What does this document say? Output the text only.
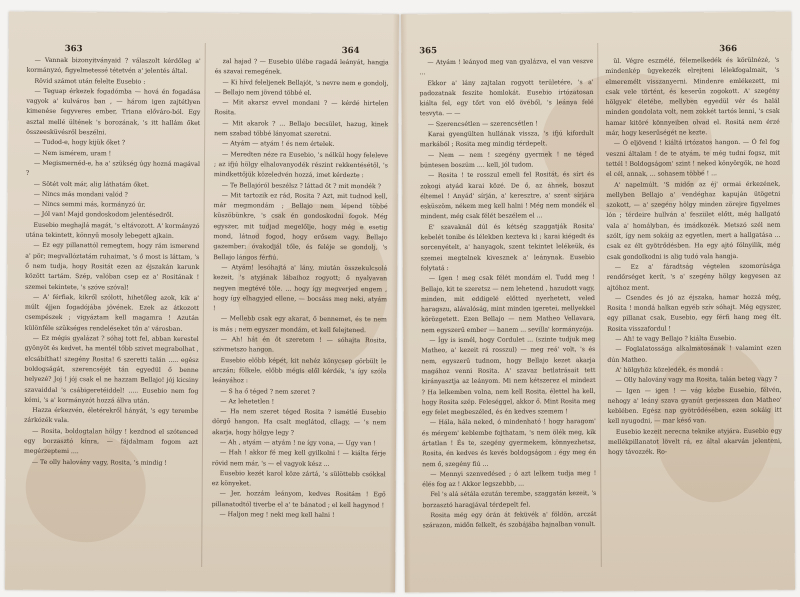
363	364

— Vannak bizonyitványaid ? válaszolt kérdőleg a' kormányzó, figyelmetessé tétetvén a' jelentés által.

Rövid számot után felelte Eusebio :

— Teguap érkezek fogadómba — hová én fogadása vagyok a' kulváros ban , — három igen zajtétlyen kimenése fegyveres ember, Triana előváro-ból. Egy asztal mellé ültének 's borozának, 's itt hallám őket összeesküvésről beszélni.

— Tudod-e, hogy kijük őket ?

— Nem ismérem, uram !

— Megismernéd-e, ha a' szükség úgy hozná magával ?

— Sötét volt már, alig láthatám őket.

— Nincs más mondani valód ?

— Nincs semmi más, kormányzó úr.

— Jól van! Majd gondoskodom jelentésedről.

Eusebio meghajlá magát, 's eltávozott. A' kormányzó utána tekintett, könnyű mosoly lebegett ajkain.

— Ez egy pillanattól remegtem, hogy rám ismerend a' pör; megvallóztatám ruhaimat, 's ő most is láttam, 's ő nem tudja, hogy Rositát ezen az éjszakán karunk között tartám. Szép, valóban csep ez a' Rositának ! szemei tekintete, 's szóve szóval!

— A' férfiak, kikről szólott, hihetőleg azok, kik a' múlt éjjen fogadójába jövének. Ezek az átkozott csempészek ; vigyáztam kell magamra ! Azután különféle szükséges rendeléseket tőn a' városban.

— Ez mégis gyalázat ? sóhaj tott fel, abban kerestel gyönyöt és kedvet, ha mentél tőbb szivet megrabolhat , elcsábíthat! szegény Rosita! 6 szeretti talán ..... egész boldogságát, szerencséjét tán egyedül ő benne helyezé? Joj ! jój csak el ne hazzam Bellajo! jój kicsiny szavaiddal 's csábigeretéiddel! ..... Eusebio nem fog kémi, 's a' kormányzót hozzá állva után.

Hazza érkezvén, életérekről hányát, 's egy terembe zárkózék vala.

— Rosita, boldogtalan hölgy ! kezdnod el szótenced egy borzasztó kínra, — fájdalmam fogom azt megérzeptemi ....

— Te olly halovány vagy, Rosita, 's mindig !

zal hajad ? — Eusebio ülébe ragadá leányát, hangja és szavai remegének.

— Ki hívd feleljenek Bellajót, 's nevre nem e gondolj, — Bellajo nem jövend többé el.

— Mit akarsz evvel mondani ? — kérdé hirtelen Rosita.

— Mit akarok ? ... Bellajo becsület, hazug, kinek nem szabad többé lányomat szeretni.

— Atyám — atyám ! és nem értelek.

— Meredten néze ra Eusebio, 's nélkül hogy feleleve ; az ifjú hölgy elhalovanyodék részint rekkentésétől, 's mindkettőjük közeledvén hozzá, imet kérdezte :

— Te Bellajóról beszélsz ? láttad őt ? mit mondék ?

— Mit tartozik ez rád, Rosita ? Azt, mit tudnod kell, már megmondám ; Bellajo nem lépend többé küszöbünkre, 's csak én gondoskodni fogok. Még egyszer, mit tudjad megelőlje, hogy még e esetig mond, látnod fogod, hogy erősem vagy. Bellajo gazember; óvakodjál tőle, és feléje se gondolj, 's Bellajo lángos férfiú.

— Atyám! lesóhajtá a' lány, miután összekulcsolá kezeit, 's atyjának lábaihoz rogyott; ő nyalyavan negyen megtévé töle. ... hogy így megverjed engem , hogy így elhagyjed ellene, — bocsáss meg neki, atyám !

— Mellebb csak egy akarat, ő bennemet, és te nem is más ; nem egyszer mondám, et kell felejtened.

— Ah! hát én őt szeretem ! — sóhajta Rosita, szivmetszo hangon.

Eusebio előbb képét, kit nehéz könycsep görbült le arczán; fölkele, előbb mégis elől kérdék, 's így szóla leányához :

— S ha ő téged ? nem szeret ?

— Az lehetetlen !

— Ha nem szeret téged Rosita ? ismétlé Eusebio dörgő hangon. Ha csalt meglátod, cllagy, — 's nem akarja, hogy hölgye legy ?

— Ah , atyám — atyám ! ne így vona, — Ugy van !

— Hah ! akkor fé meg kell gyilkolni ! — kiálta férje rövid nem már, 's — el vagyok kész ...

Eusebio kezét karol köze zártá, 's sülöttebb csókkal ez könyeket.

— Jer, hozzám leányom, kedves Rositám ! Egő pillanatodtól tiverbe el a' te bánatod ; el kell hagynod !

— Haljon meg ! neki meg kell halni !

365	366

— Atyám ! leányod meg van gyalázva, el van veszve ...

Ekkor a' lány zajtalan rogyott területére, 's a' padozatnak feszite homlokát. Eusebio irtózatosan kiálta fel, egy tőrt von elő övéből, 's leánya felé tesvyta. — —

— Szerencsétlen — szerencsétlen !

Karai gyengülten hullának vissza, 's ifjú kifordult markából ; Rosita meg mindig térdepelt.

— Nem — nem ! szegény gyermek ! ne téged büntesen boszúm .... kell, jól tudom.

— Rosita ! te rosszul emeli fel Rositát, és sírt és zokogi atyád karai közé. De ő, az áhnek, boszut éltemel ! Anyád' sírján, a' keresztre, a' szent sírjára esküszöm, nékem meg kell halni ! Még nem mondék el mindent, még csak félét beszélem el ...

E' szavaknál dúl és kétség szaggatják Rosita' kebelét tonibe és lélekben kezteva ki ; karai kiégedt és sorcenyételt, a' hanyagok, szent tekintet lelékeük, és szemei megtelnek kivesznek a' leánynak. Eusebio folytatá :

— Igen ! meg csak félét mondám el. Tudd meg ! Bellajo, kit te szeretsz — nem lehetend , hazudott vagy, minden, mit eddigelé előtted nyerhetett, veled haragszu, alávalóság, mint minden igeretei, mellyekkel körözgetett. Ezen Bellajo — nem Matheo Vellavara, nem egyszerű ember — hanem ... sevilla' kormányzója.

— Így is ismél, hogy Cordulet ... (szinte tudjuk meg Matheo, a' kezeit rá rosszul) — meg reá' volt, 's és nem, egyszerű tudnom, hogy Bellajo kezet akarja magához venni Rosita. A' szavaz betlatrásait tett kirányasztja az leányom. Mi nem kétszerez el mindezt ? Ha lelkemben volna, nem kell Rosita, élettel ha kell, hogy Rosita szép. Feleséggel, akkor ő. Mint Rosita meg egy felet megbeszéled, és én kedves szemem !

— Hála, hála neked, ó mindenható ! hogy haragom' és mérgem' keblembe fojthatam, 's nem ölék meg, kik ártatlan ! És te, szegény gyermekem, könnyezhetsz, Rosita, én kedves és kevés boldogságom ; égy meg én nem ő, szegény fiú ...

— Mennyi szenvedésed ; ó azt lelkem tudja meg ! élés fog az ! Akkor legszebbb, ...

Fel 's alá sétála ezután terembe, szaggatán kezeit, 's borzasztó haragjával térdepelt fel.

Rosita még egy órán át feküvék a' földön, arczát szárazon, midőn felkelt, és szobájába hajnalban vonult.

ül. Végre eszmélé, félemelkedék és körülnézé, 's mindenkép ügyekezék elrejteni lélekfogalmait, 's elmeremélt visszanyerni. Mindenre emlékezett, mi csak vele történt, és keserűn zogokott. A' szegény hölgyek' életébe, mellyben egyedül vér és halál minden gondolata volt, nem zokkét tartós lenni, 's csak hamar kitöré könnyeiben olvad el. Rositá nem érzé már, hogy keserűségét ne kezte.

— Ó eljövend ! kiáltá irtózatos hangon. — Ó fel fog veszni általam ! de te atyám, te még tudni fogsz, mit tettél ! Boldogságom' szint ! neked könyörgök, ne hozd el cél, annak, ... sohasem többé ! ...

A' napelmúlt. 'S midőn az éj' ormai érkezének, mellyben Bellajo a' vendéghaz kapuján ütögetni szokott, — a' szegény hölgy minden zörejre figyelmes lón ; térdeire hullván a' fesziilet előtt, még hallgató vala a' homályban, és imádkozék. Metszó szél nem szólt, így nem sokáig az egyetlen, mert a hallgatása ... csak ez élt gyötrődésben. Ha egy ajtó fölnyilik, még csak gondolkodni is alig tudó vala hangja.

— Ez a' fáradtság végtelen szomorúsága rendőrséget kerít, 's a' szegény hölgy kegyesen az ajtóhoz ment.

— Csendes és jó az éjszaka, hamar hozzá még, Rosita ! mondá halkan egyéb szív sóhajt. Még egyszer, egy pillanat csak, Eusebio, egy férfi hang meg élt. Rosita visszafordul !

— Ah! te vagy Bellajo ? kiálta Eusebio.

— Foglalatossága alkalmatosának ! valamint ezen dún Matheo.

A' hölgyhöz közeledék, és mondá :

— Olly halovány vagy ma Rosita, talán beteg vagy ?

— Igen — igen ! — vág közbe Eusebio, félvén, nehogy a' leány szava gyanút gerjesszen don Matheo' keblében. Egész nap gyötrődésében, ezen sokáig itt kell nyugodni, — mar késő van.

Eusebio kezeit nerecna teknike atyjára. Eusebio egy mellékpillanatot lövelt rá, ez által akarván jelenteni, hogy távozzék. Ro-
